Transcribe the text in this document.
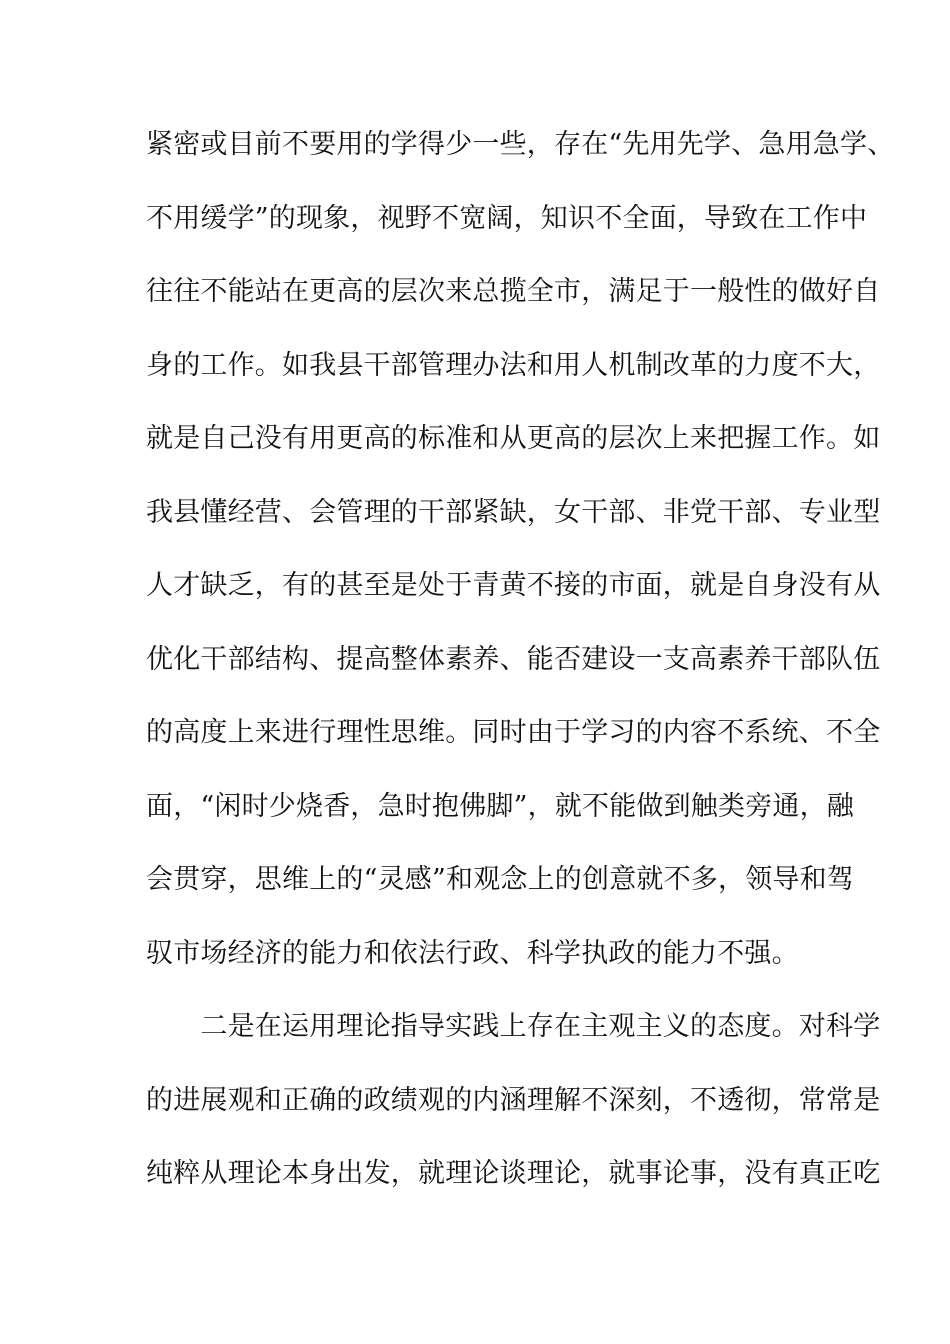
紧密或目前不要用的学得少一些，存在“先用先学、急用急学、
不用缓学”的现象，视野不宽阔，知识不全面，导致在工作中
往往不能站在更高的层次来总揽全市，满足于一般性的做好自
身的工作。如我县干部管理办法和用人机制改革的力度不大，
就是自己没有用更高的标准和从更高的层次上来把握工作。如
我县懂经营、会管理的干部紧缺，女干部、非党干部、专业型
人才缺乏，有的甚至是处于青黄不接的市面，就是自身没有从
优化干部结构、提高整体素养、能否建设一支高素养干部队伍
的高度上来进行理性思维。同时由于学习的内容不系统、不全
面，“闲时少烧香，急时抱佛脚”，就不能做到触类旁通，融
会贯穿，思维上的“灵感”和观念上的创意就不多，领导和驾
驭市场经济的能力和依法行政、科学执政的能力不强。
　　二是在运用理论指导实践上存在主观主义的态度。对科学
的进展观和正确的政绩观的内涵理解不深刻，不透彻，常常是
纯粹从理论本身出发，就理论谈理论，就事论事，没有真正吃
